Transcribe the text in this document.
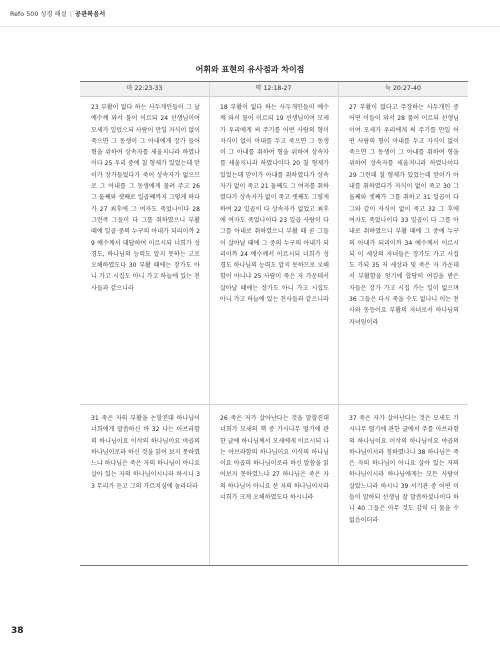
Refo 500 성경 해설 | 공관복음서
어휘와 표현의 유사점과 차이점
마 22:23-33	막 12:18-27	눅 20:27-40
23 부활이 없다 하는 사두개인들이 그 날 예수께 와서 물어 이르되 24 선생님이여 모세가 일렀으되 사람이 만일 자식이 없이 죽으면 그 동생이 그 아내에게 장가 들어 형을 위하여 상속자를 세울지니라 하였나이다 25 우리 중에 칠 형제가 있었는데 맏이가 장가들었다가 죽어 상속자가 없으므로 그 아내를 그 동생에게 물려 주고 26 그 둘째와 셋째로 일곱째까지 그렇게 하다가 27 최후에 그 여자도 죽었나이다 28 그런즉 그들이 다 그를 취하였으니 부활 때에 일곱 중의 누구의 아내가 되리이까 29 예수께서 대답하여 이르시되 너희가 성경도, 하나님의 능력도 알지 못하는 고로 오해하였도다 30 부활 때에는 장가도 아니 가고 시집도 아니 가고 하늘에 있는 천사들과 같으니라
18 부활이 없다 하는 사두개인들이 예수께 와서 물어 이르되 19 선생님이여 모세가 우리에게 써 주기를 어떤 사람의 형이 자식이 없이 아내를 두고 죽으면 그 동생이 그 아내를 취하여 형을 위하여 상속자를 세울지니라 하였나이다 20 칠 형제가 있었는데 맏이가 아내를 취하였다가 상속자가 없이 죽고 21 둘째도 그 여자를 취하였다가 상속자가 없이 죽고 셋째도 그렇게 하여 22 일곱이 다 상속자가 없었고 최후에 여자도 죽었나이다 23 일곱 사람이 다 그를 아내로 취하였으니 부활 때 곧 그들이 살아날 때에 그 중의 누구의 아내가 되리이까 24 예수께서 이르시되 너희가 성경도 하나님의 능력도 알지 못하므로 오해함이 아니냐 25 사람이 죽은 자 가운데서 살아날 때에는 장가도 아니 가고 시집도 아니 가고 하늘에 있는 천사들과 같으니라
27 부활이 없다고 주장하는 사두개인 중 어떤 이들이 와서 28 물어 이르되 선생님이여 모세가 우리에게 써 주기를 만일 어떤 사람의 형이 아내를 두고 자식이 없이 죽으면 그 동생이 그 아내를 취하여 형을 위하여 상속자를 세울지니라 하였나이다 29 그런데 칠 형제가 있었는데 맏이가 아내를 취하였다가 자식이 없이 죽고 30 그 둘째와 셋째가 그를 취하고 31 일곱이 다 그와 같이 자식이 없이 죽고 32 그 후에 여자도 죽었나이다 33 일곱이 다 그를 아내로 취하였으니 부활 때에 그 중에 누구의 아내가 되리이까 34 예수께서 이르시되 이 세상의 자녀들은 장가도 가고 시집도 가되 35 저 세상과 및 죽은 자 가운데서 부활함을 얻기에 합당히 여김을 받은 자들은 장가 가고 시집 가는 일이 없으며 36 그들은 다시 죽을 수도 없나니 이는 천사와 동등이요 부활의 자녀로서 하나님의 자녀임이라
31 죽은 자의 부활을 논할진대 하나님이 너희에게 말씀하신 바 32 나는 아브라함의 하나님이요 이삭의 하나님이요 야곱의 하나님이로라 하신 것을 읽어 보지 못하였느냐 하나님은 죽은 자의 하나님이 아니요 살아 있는 자의 하나님이시니라 하시니 33 무리가 듣고 그의 가르치심에 놀라더라
26 죽은 자가 살아난다는 것을 말할진대 너희가 모세의 책 중 가시나무 떨기에 관한 글에 하나님께서 모세에게 이르시되 나는 아브라함의 하나님이요 이삭의 하나님이요 야곱의 하나님이로라 하신 말씀을 읽어보지 못하였느냐 27 하나님은 죽은 자의 하나님이 아니요 산 자의 하나님이시라 너희가 크게 오해하였도다 하시니라
37 죽은 자가 살아난다는 것은 모세도 가시나무 떨기에 관한 글에서 주를 아브라함의 하나님이요 이삭의 하나님이요 야곱의 하나님이시라 칭하였나니 38 하나님은 죽은 자의 하나님이 아니요 살아 있는 자의 하나님이시라 하나님에게는 모든 사람이 살았느니라 하시니 39 서기관 중 어떤 이들이 말하되 선생님 잘 말씀하셨나이다 하니 40 그들은 아무 것도 감히 더 물을 수 없음이더라
38
